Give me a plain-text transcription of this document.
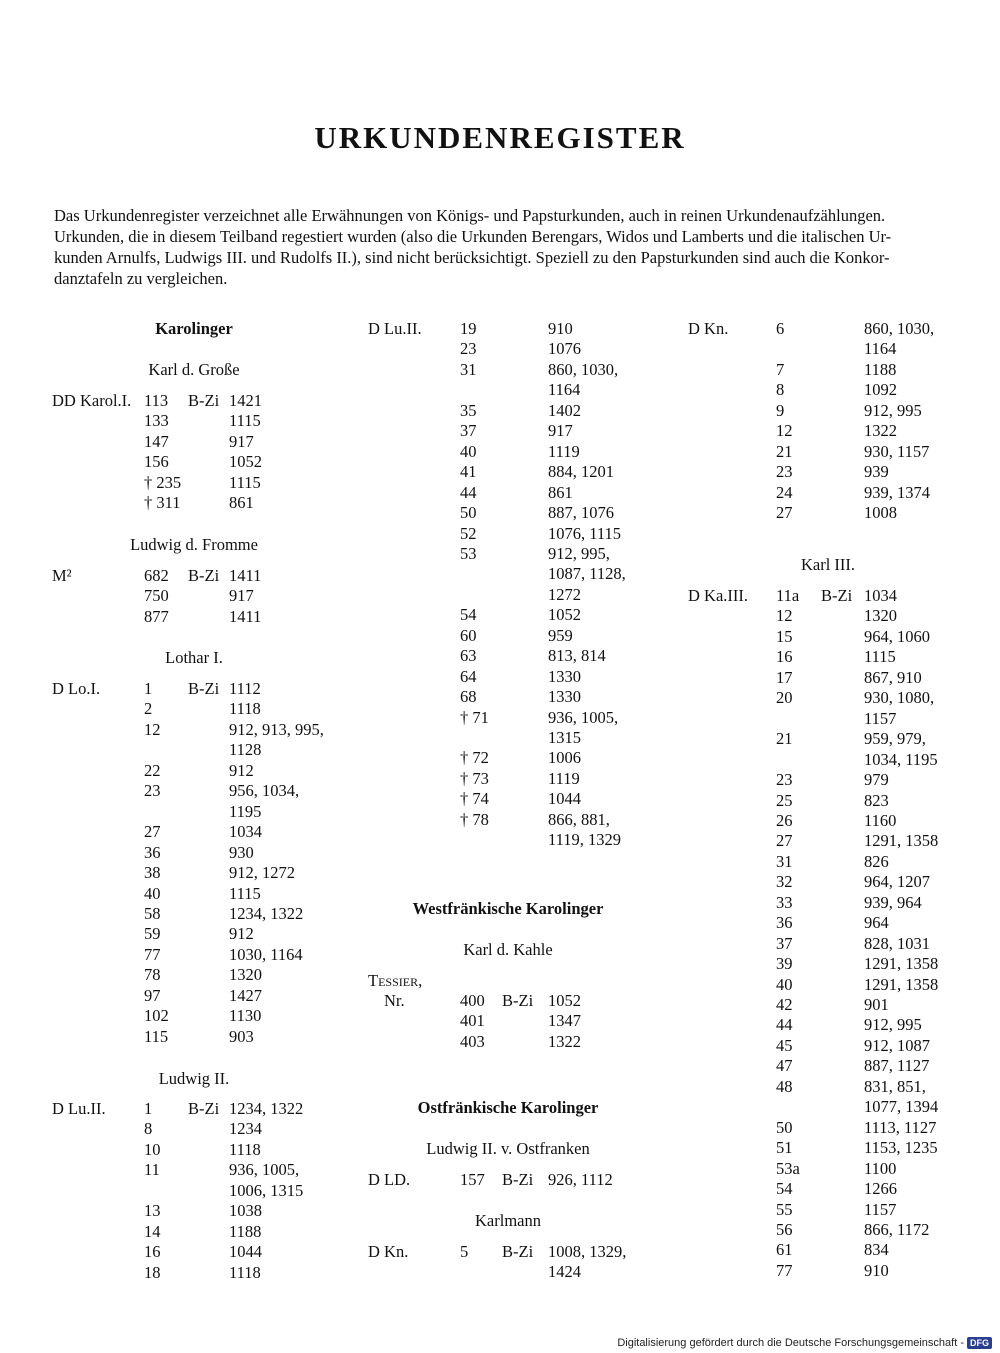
URKUNDENREGISTER
Das Urkundenregister verzeichnet alle Erwähnungen von Königs- und Papsturkunden, auch in reinen Urkundenaufzählungen.
Urkunden, die in diesem Teilband regestiert wurden (also die Urkunden Berengars, Widos und Lamberts und die italischen Ur-
kunden Arnulfs, Ludwigs III. und Rudolfs II.), sind nicht berücksichtigt. Speziell zu den Papsturkunden sind auch die Konkor-
danztafeln zu vergleichen.
Karolinger
Karl d. Große
DD Karol.I. 113 B-Zi 1421
133	1115
147	917
156	1052
† 235	1115
† 311	861
Ludwig d. Fromme
M²	682 B-Zi 1411
750	917
877	1411
Lothar I.
D Lo.I.	1 B-Zi 1112
2	1118
12	912, 913, 995,
1128
22	912
23	956, 1034,
1195
27	1034
36	930
38	912, 1272
40	1115
58	1234, 1322
59	912
77	1030, 1164
78	1320
97	1427
102	1130
115	903
Ludwig II.
D Lu.II. 1 B-Zi 1234, 1322
8	1234
10	1118
11	936, 1005,
1006, 1315
13	1038
14	1188
16	1044
18	1118
D Lu.II. 19	910
23	1076
31	860, 1030,
1164
35	1402
37	917
40	1119
41	884, 1201
44	861
50	887, 1076
52	1076, 1115
53	912, 995,
1087, 1128,
1272
54	1052
60	959
63	813, 814
64	1330
68	1330
† 71	936, 1005,
1315
† 72	1006
† 73	1119
† 74	1044
† 78	866, 881,
1119, 1329
Westfränkische Karolinger
Karl d. Kahle
Tessier,
Nr.	400 B-Zi 1052
401	1347
403	1322
Ostfränkische Karolinger
Ludwig II. v. Ostfranken
D LD.	157 B-Zi 926, 1112
Karlmann
D Kn.	5 B-Zi 1008, 1329,
1424
D Kn.	6	860, 1030,
1164
7	1188
8	1092
9	912, 995
12	1322
21	930, 1157
23	939
24	939, 1374
27	1008
Karl III.
D Ka.III. 11a B-Zi 1034
12	1320
15	964, 1060
16	1115
17	867, 910
20	930, 1080,
1157
21	959, 979,
1034, 1195
23	979
25	823
26	1160
27	1291, 1358
31	826
32	964, 1207
33	939, 964
36	964
37	828, 1031
39	1291, 1358
40	1291, 1358
42	901
44	912, 995
45	912, 1087
47	887, 1127
48	831, 851,
1077, 1394
50	1113, 1127
51	1153, 1235
53a	1100
54	1266
55	1157
56	866, 1172
61	834
77	910
Digitalisierung gefördert durch die Deutsche Forschungsgemeinschaft - DFG
